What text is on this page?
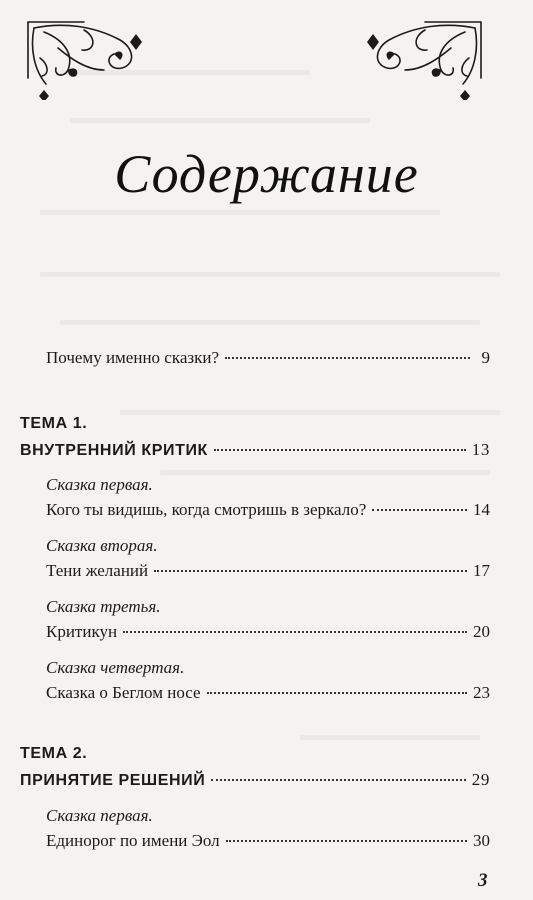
Содержание
Почему именно сказки?	9
ТЕМА 1.
ВНУТРЕННИЙ КРИТИК	13
Сказка первая.
Кого ты видишь, когда смотришь в зеркало?	14
Сказка вторая.
Тени желаний	17
Сказка третья.
Критикун	20
Сказка четвертая.
Сказка о Беглом носе	23
ТЕМА 2.
ПРИНЯТИЕ РЕШЕНИЙ	29
Сказка первая.
Единорог по имени Эол	30
3
